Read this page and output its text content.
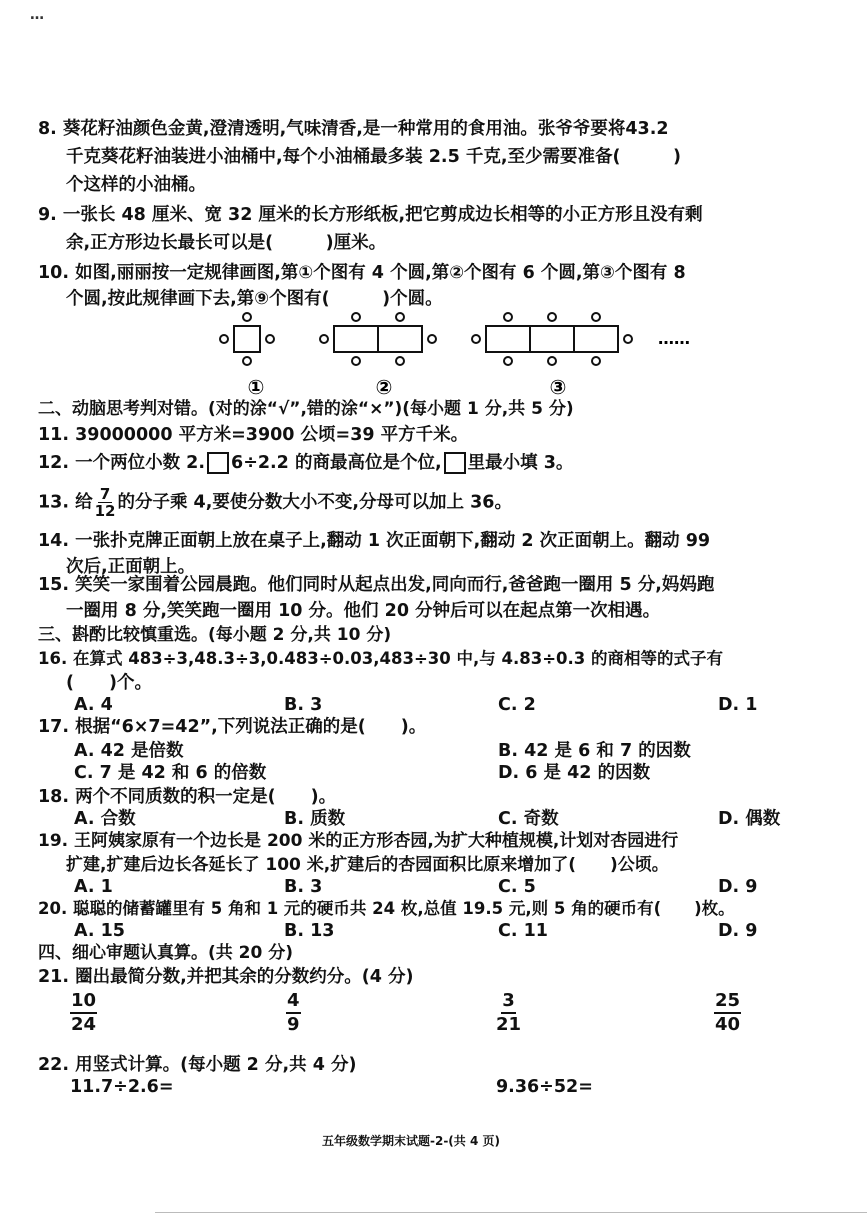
…
8. 葵花籽油颜色金黄,澄清透明,气味清香,是一种常用的食用油。张爷爷要将43.2
千克葵花籽油装进小油桶中,每个小油桶最多装 2.5 千克,至少需要准备(　　　)
个这样的小油桶。
9. 一张长 48 厘米、宽 32 厘米的长方形纸板,把它剪成边长相等的小正方形且没有剩
余,正方形边长最长可以是(　　　)厘米。
10. 如图,丽丽按一定规律画图,第①个图有 4 个圆,第②个图有 6 个圆,第③个图有 8
个圆,按此规律画下去,第⑨个图有(　　　)个圆。
①	②	③
……
二、动脑思考判对错。(对的涂“√”,错的涂“×”)(每小题 1 分,共 5 分)
11. 39000000 平方米=3900 公顷=39 平方千米。
12. 一个两位小数 2. 6÷2.2 的商最高位是个位, 里最小填 3。
13. 给 $\frac{7}{12}$ 的分子乘 4,要使分数大小不变,分母可以加上 36。
14. 一张扑克牌正面朝上放在桌子上,翻动 1 次正面朝下,翻动 2 次正面朝上。翻动 99
次后,正面朝上。
15. 笑笑一家围着公园晨跑。他们同时从起点出发,同向而行,爸爸跑一圈用 5 分,妈妈跑
一圈用 8 分,笑笑跑一圈用 10 分。他们 20 分钟后可以在起点第一次相遇。
三、斟酌比较慎重选。(每小题 2 分,共 10 分)
16. 在算式 483÷3,48.3÷3,0.483÷0.03,483÷30 中,与 4.83÷0.3 的商相等的式子有
(　　)个。
A. 4	B. 3	C. 2	D. 1
17. 根据“6×7=42”,下列说法正确的是(　　)。
A. 42 是倍数	B. 42 是 6 和 7 的因数
C. 7 是 42 和 6 的倍数	D. 6 是 42 的因数
18. 两个不同质数的积一定是(　　)。
A. 合数	B. 质数	C. 奇数	D. 偶数
19. 王阿姨家原有一个边长是 200 米的正方形杏园,为扩大种植规模,计划对杏园进行
扩建,扩建后边长各延长了 100 米,扩建后的杏园面积比原来增加了(　　)公顷。
A. 1	B. 3	C. 5	D. 9
20. 聪聪的储蓄罐里有 5 角和 1 元的硬币共 24 枚,总值 19.5 元,则 5 角的硬币有(　　)枚。
A. 15	B. 13	C. 11	D. 9
四、细心审题认真算。(共 20 分)
21. 圈出最简分数,并把其余的分数约分。(4 分)
$\frac{10}{24}$	$\frac{4}{9}$	$\frac{3}{21}$	$\frac{25}{40}$
22. 用竖式计算。(每小题 2 分,共 4 分)
11.7÷2.6=	9.36÷52=
五年级数学期末试题-2-(共 4 页)
